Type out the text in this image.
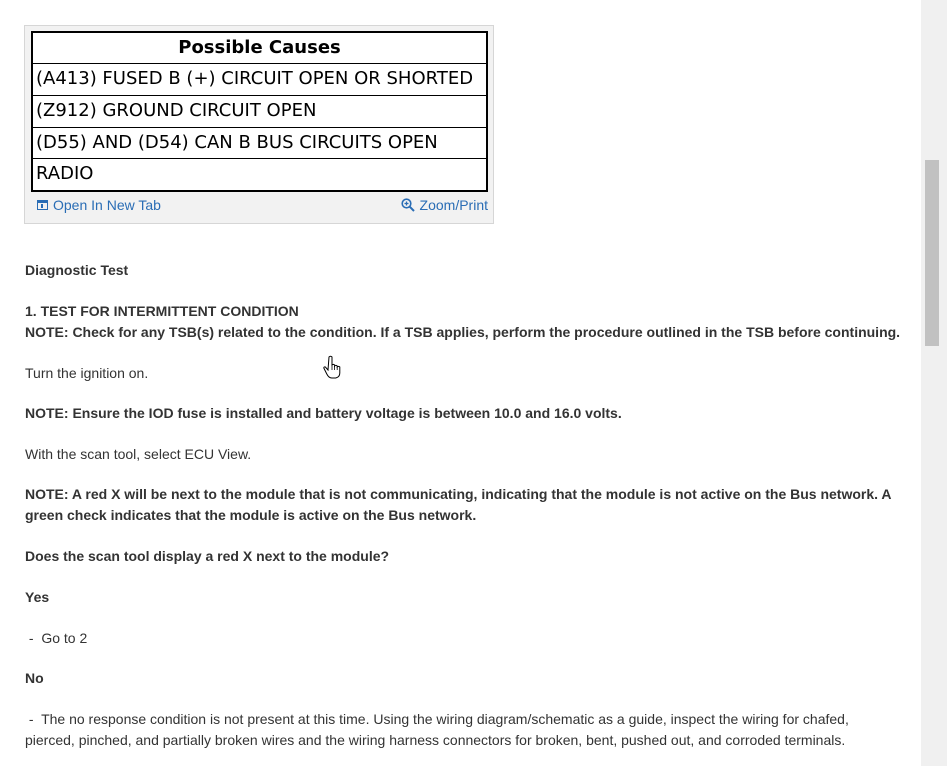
Possible Causes
(A413) FUSED B (+) CIRCUIT OPEN OR SHORTED
(Z912) GROUND CIRCUIT OPEN
(D55) AND (D54) CAN B BUS CIRCUITS OPEN
RADIO
Open In New Tab	Zoom/Print
Diagnostic Test
1. TEST FOR INTERMITTENT CONDITION
NOTE: Check for any TSB(s) related to the condition. If a TSB applies, perform the procedure outlined in the TSB before continuing.
Turn the ignition on.
NOTE: Ensure the IOD fuse is installed and battery voltage is between 10.0 and 16.0 volts.
With the scan tool, select ECU View.
NOTE: A red X will be next to the module that is not communicating, indicating that the module is not active on the Bus network. A green check indicates that the module is active on the Bus network.
Does the scan tool display a red X next to the module?
Yes
-  Go to 2
No
-  The no response condition is not present at this time. Using the wiring diagram/schematic as a guide, inspect the wiring for chafed, pierced, pinched, and partially broken wires and the wiring harness connectors for broken, bent, pushed out, and corroded terminals.
